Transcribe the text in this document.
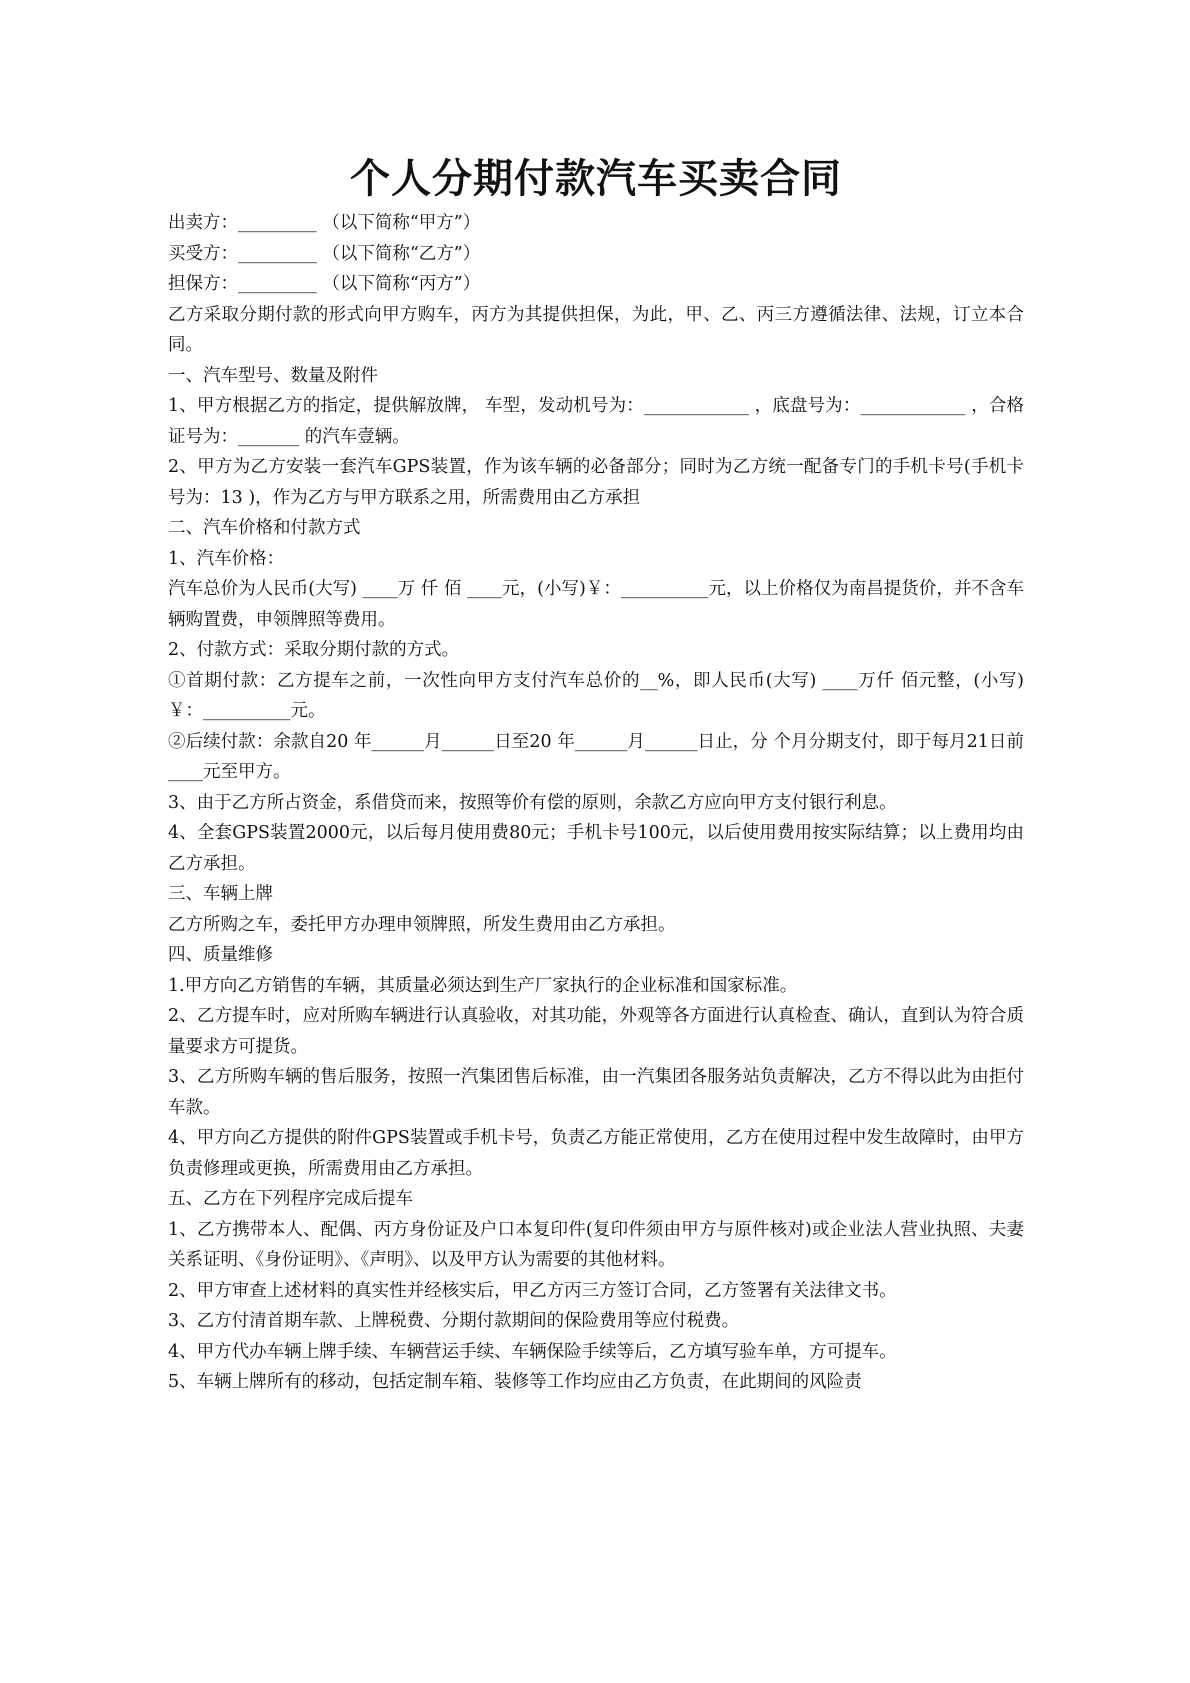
个人分期付款汽车买卖合同

出卖方：_________ （以下简称“甲方”）

买受方：_________ （以下简称“乙方”）

担保方：_________ （以下简称“丙方”）

乙方采取分期付款的形式向甲方购车，丙方为其提供担保，为此，甲、乙、丙三方遵循法律、法规，订立本合同。

一、汽车型号、数量及附件

1、甲方根据乙方的指定，提供解放牌， 车型，发动机号为：____________ ，底盘号为：____________ ，合格证号为：_______ 的汽车壹辆。

2、甲方为乙方安装一套汽车GPS装置，作为该车辆的必备部分；同时为乙方统一配备专门的手机卡号(手机卡号为：13 )，作为乙方与甲方联系之用，所需费用由乙方承担

二、汽车价格和付款方式

1、汽车价格：

汽车总价为人民币(大写) ____万 仟 佰 ____元，(小写)￥：__________元，以上价格仅为南昌提货价，并不含车辆购置费，申领牌照等费用。

2、付款方式：采取分期付款的方式。

①首期付款：乙方提车之前，一次性向甲方支付汽车总价的__%，即人民币(大写) ____万仟 佰元整，(小写)￥：__________元。

②后续付款：余款自20 年______月______日至20 年______月______日止，分 个月分期支付，即于每月21日前____元至甲方。

3、由于乙方所占资金，系借贷而来，按照等价有偿的原则，余款乙方应向甲方支付银行利息。

4、全套GPS装置2000元，以后每月使用费80元；手机卡号100元，以后使用费用按实际结算；以上费用均由乙方承担。

三、车辆上牌

乙方所购之车，委托甲方办理申领牌照，所发生费用由乙方承担。

四、质量维修

1.甲方向乙方销售的车辆，其质量必须达到生产厂家执行的企业标准和国家标准。

2、乙方提车时，应对所购车辆进行认真验收，对其功能，外观等各方面进行认真检查、确认，直到认为符合质量要求方可提货。

3、乙方所购车辆的售后服务，按照一汽集团售后标准，由一汽集团各服务站负责解决，乙方不得以此为由拒付车款。

4、甲方向乙方提供的附件GPS装置或手机卡号，负责乙方能正常使用，乙方在使用过程中发生故障时，由甲方负责修理或更换，所需费用由乙方承担。

五、乙方在下列程序完成后提车

1、乙方携带本人、配偶、丙方身份证及户口本复印件(复印件须由甲方与原件核对)或企业法人营业执照、夫妻关系证明、《身份证明》、《声明》、以及甲方认为需要的其他材料。

2、甲方审查上述材料的真实性并经核实后，甲乙方丙三方签订合同，乙方签署有关法律文书。

3、乙方付清首期车款、上牌税费、分期付款期间的保险费用等应付税费。

4、甲方代办车辆上牌手续、车辆营运手续、车辆保险手续等后，乙方填写验车单，方可提车。

5、车辆上牌所有的移动，包括定制车箱、装修等工作均应由乙方负责，在此期间的风险责
